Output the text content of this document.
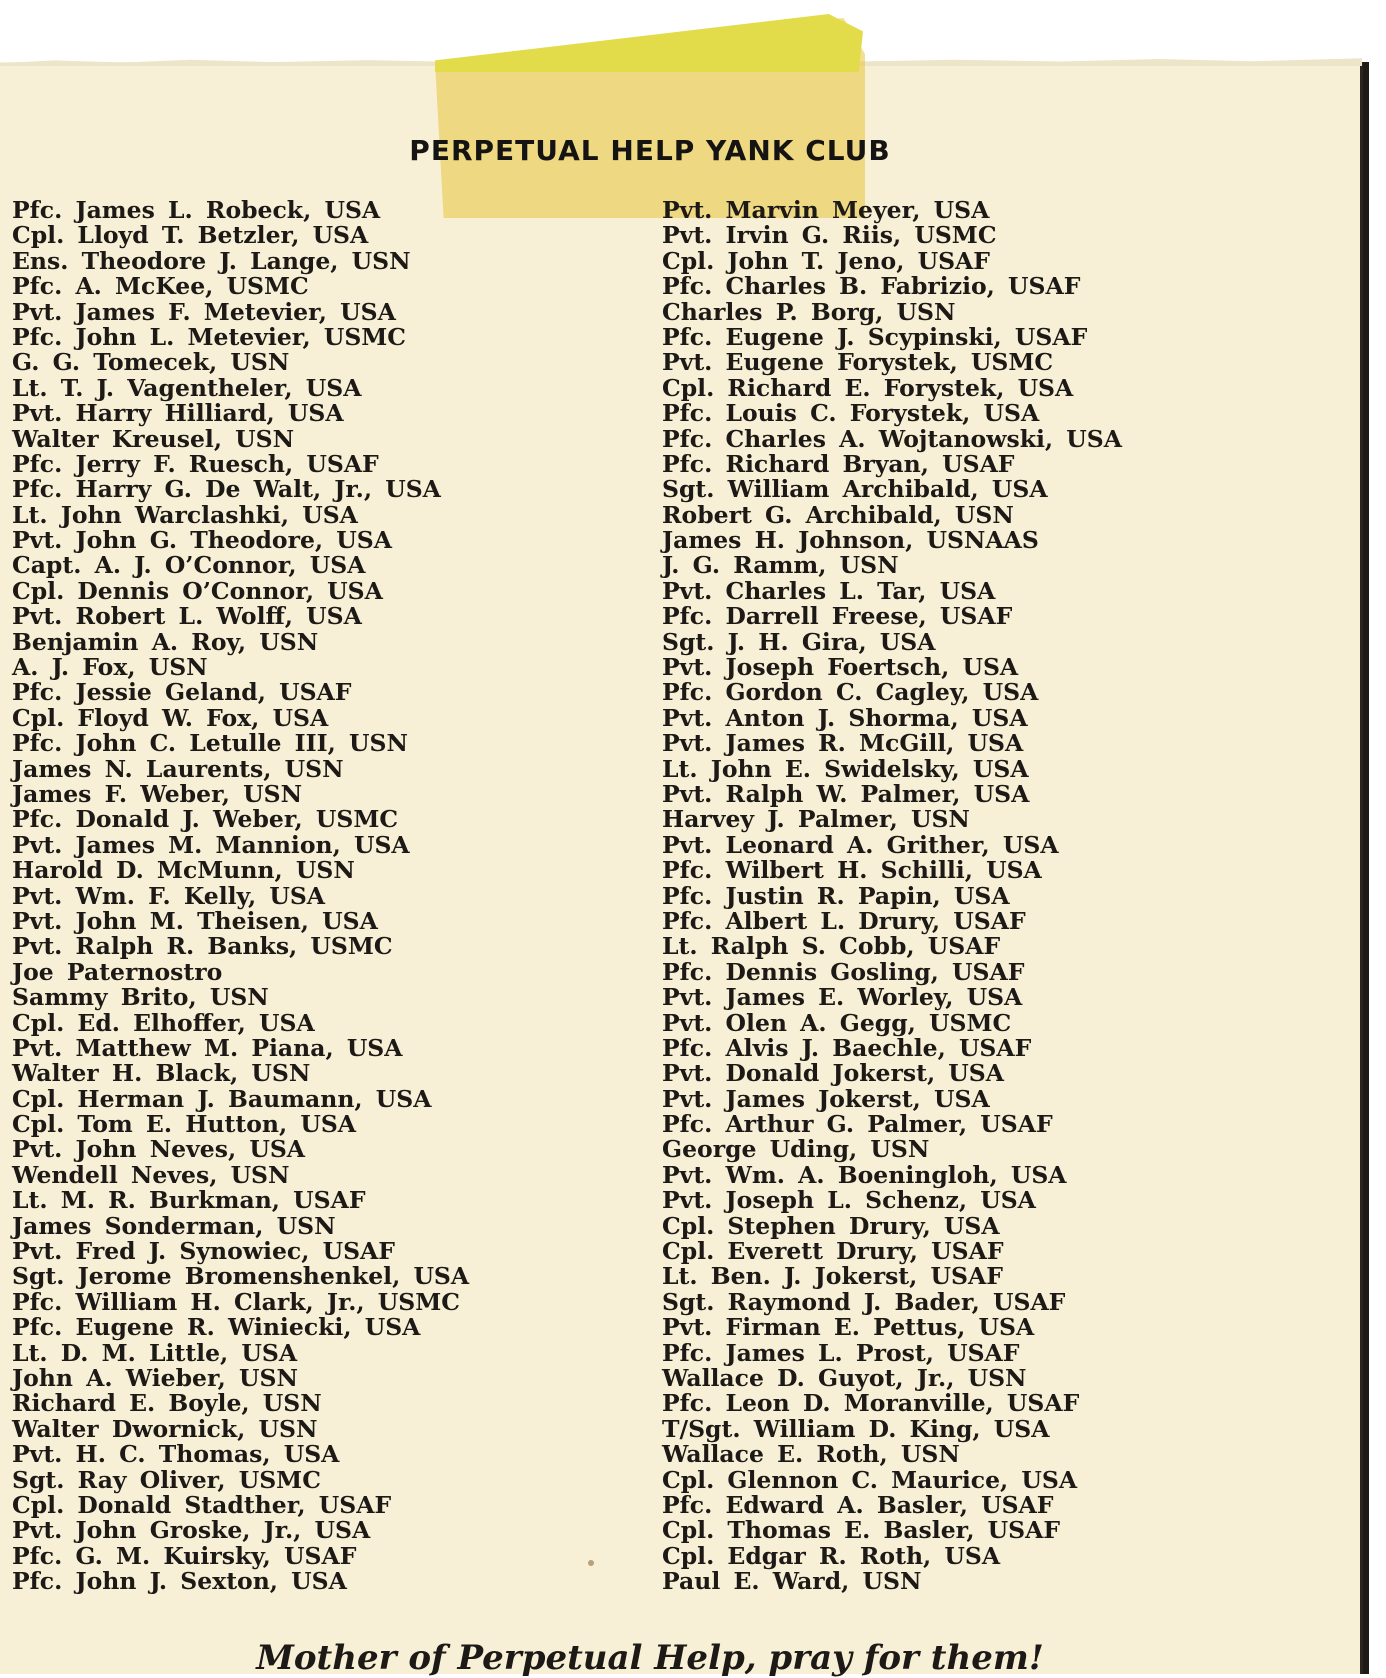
PERPETUAL HELP YANK CLUB
Pfc. James L. Robeck, USA
Cpl. Lloyd T. Betzler, USA
Ens. Theodore J. Lange, USN
Pfc. A. McKee, USMC
Pvt. James F. Metevier, USA
Pfc. John L. Metevier, USMC
G. G. Tomecek, USN
Lt. T. J. Vagentheler, USA
Pvt. Harry Hilliard, USA
Walter Kreusel, USN
Pfc. Jerry F. Ruesch, USAF
Pfc. Harry G. De Walt, Jr., USA
Lt. John Warclashki, USA
Pvt. John G. Theodore, USA
Capt. A. J. O’Connor, USA
Cpl. Dennis O’Connor, USA
Pvt. Robert L. Wolff, USA
Benjamin A. Roy, USN
A. J. Fox, USN
Pfc. Jessie Geland, USAF
Cpl. Floyd W. Fox, USA
Pfc. John C. Letulle III, USN
James N. Laurents, USN
James F. Weber, USN
Pfc. Donald J. Weber, USMC
Pvt. James M. Mannion, USA
Harold D. McMunn, USN
Pvt. Wm. F. Kelly, USA
Pvt. John M. Theisen, USA
Pvt. Ralph R. Banks, USMC
Joe Paternostro
Sammy Brito, USN
Cpl. Ed. Elhoffer, USA
Pvt. Matthew M. Piana, USA
Walter H. Black, USN
Cpl. Herman J. Baumann, USA
Cpl. Tom E. Hutton, USA
Pvt. John Neves, USA
Wendell Neves, USN
Lt. M. R. Burkman, USAF
James Sonderman, USN
Pvt. Fred J. Synowiec, USAF
Sgt. Jerome Bromenshenkel, USA
Pfc. William H. Clark, Jr., USMC
Pfc. Eugene R. Winiecki, USA
Lt. D. M. Little, USA
John A. Wieber, USN
Richard E. Boyle, USN
Walter Dwornick, USN
Pvt. H. C. Thomas, USA
Sgt. Ray Oliver, USMC
Cpl. Donald Stadther, USAF
Pvt. John Groske, Jr., USA
Pfc. G. M. Kuirsky, USAF
Pfc. John J. Sexton, USA
Pvt. Marvin Meyer, USA
Pvt. Irvin G. Riis, USMC
Cpl. John T. Jeno, USAF
Pfc. Charles B. Fabrizio, USAF
Charles P. Borg, USN
Pfc. Eugene J. Scypinski, USAF
Pvt. Eugene Forystek, USMC
Cpl. Richard E. Forystek, USA
Pfc. Louis C. Forystek, USA
Pfc. Charles A. Wojtanowski, USA
Pfc. Richard Bryan, USAF
Sgt. William Archibald, USA
Robert G. Archibald, USN
James H. Johnson, USNAAS
J. G. Ramm, USN
Pvt. Charles L. Tar, USA
Pfc. Darrell Freese, USAF
Sgt. J. H. Gira, USA
Pvt. Joseph Foertsch, USA
Pfc. Gordon C. Cagley, USA
Pvt. Anton J. Shorma, USA
Pvt. James R. McGill, USA
Lt. John E. Swidelsky, USA
Pvt. Ralph W. Palmer, USA
Harvey J. Palmer, USN
Pvt. Leonard A. Grither, USA
Pfc. Wilbert H. Schilli, USA
Pfc. Justin R. Papin, USA
Pfc. Albert L. Drury, USAF
Lt. Ralph S. Cobb, USAF
Pfc. Dennis Gosling, USAF
Pvt. James E. Worley, USA
Pvt. Olen A. Gegg, USMC
Pfc. Alvis J. Baechle, USAF
Pvt. Donald Jokerst, USA
Pvt. James Jokerst, USA
Pfc. Arthur G. Palmer, USAF
George Uding, USN
Pvt. Wm. A. Boeningloh, USA
Pvt. Joseph L. Schenz, USA
Cpl. Stephen Drury, USA
Cpl. Everett Drury, USAF
Lt. Ben. J. Jokerst, USAF
Sgt. Raymond J. Bader, USAF
Pvt. Firman E. Pettus, USA
Pfc. James L. Prost, USAF
Wallace D. Guyot, Jr., USN
Pfc. Leon D. Moranville, USAF
T/Sgt. William D. King, USA
Wallace E. Roth, USN
Cpl. Glennon C. Maurice, USA
Pfc. Edward A. Basler, USAF
Cpl. Thomas E. Basler, USAF
Cpl. Edgar R. Roth, USA
Paul E. Ward, USN
Mother of Perpetual Help, pray for them!
